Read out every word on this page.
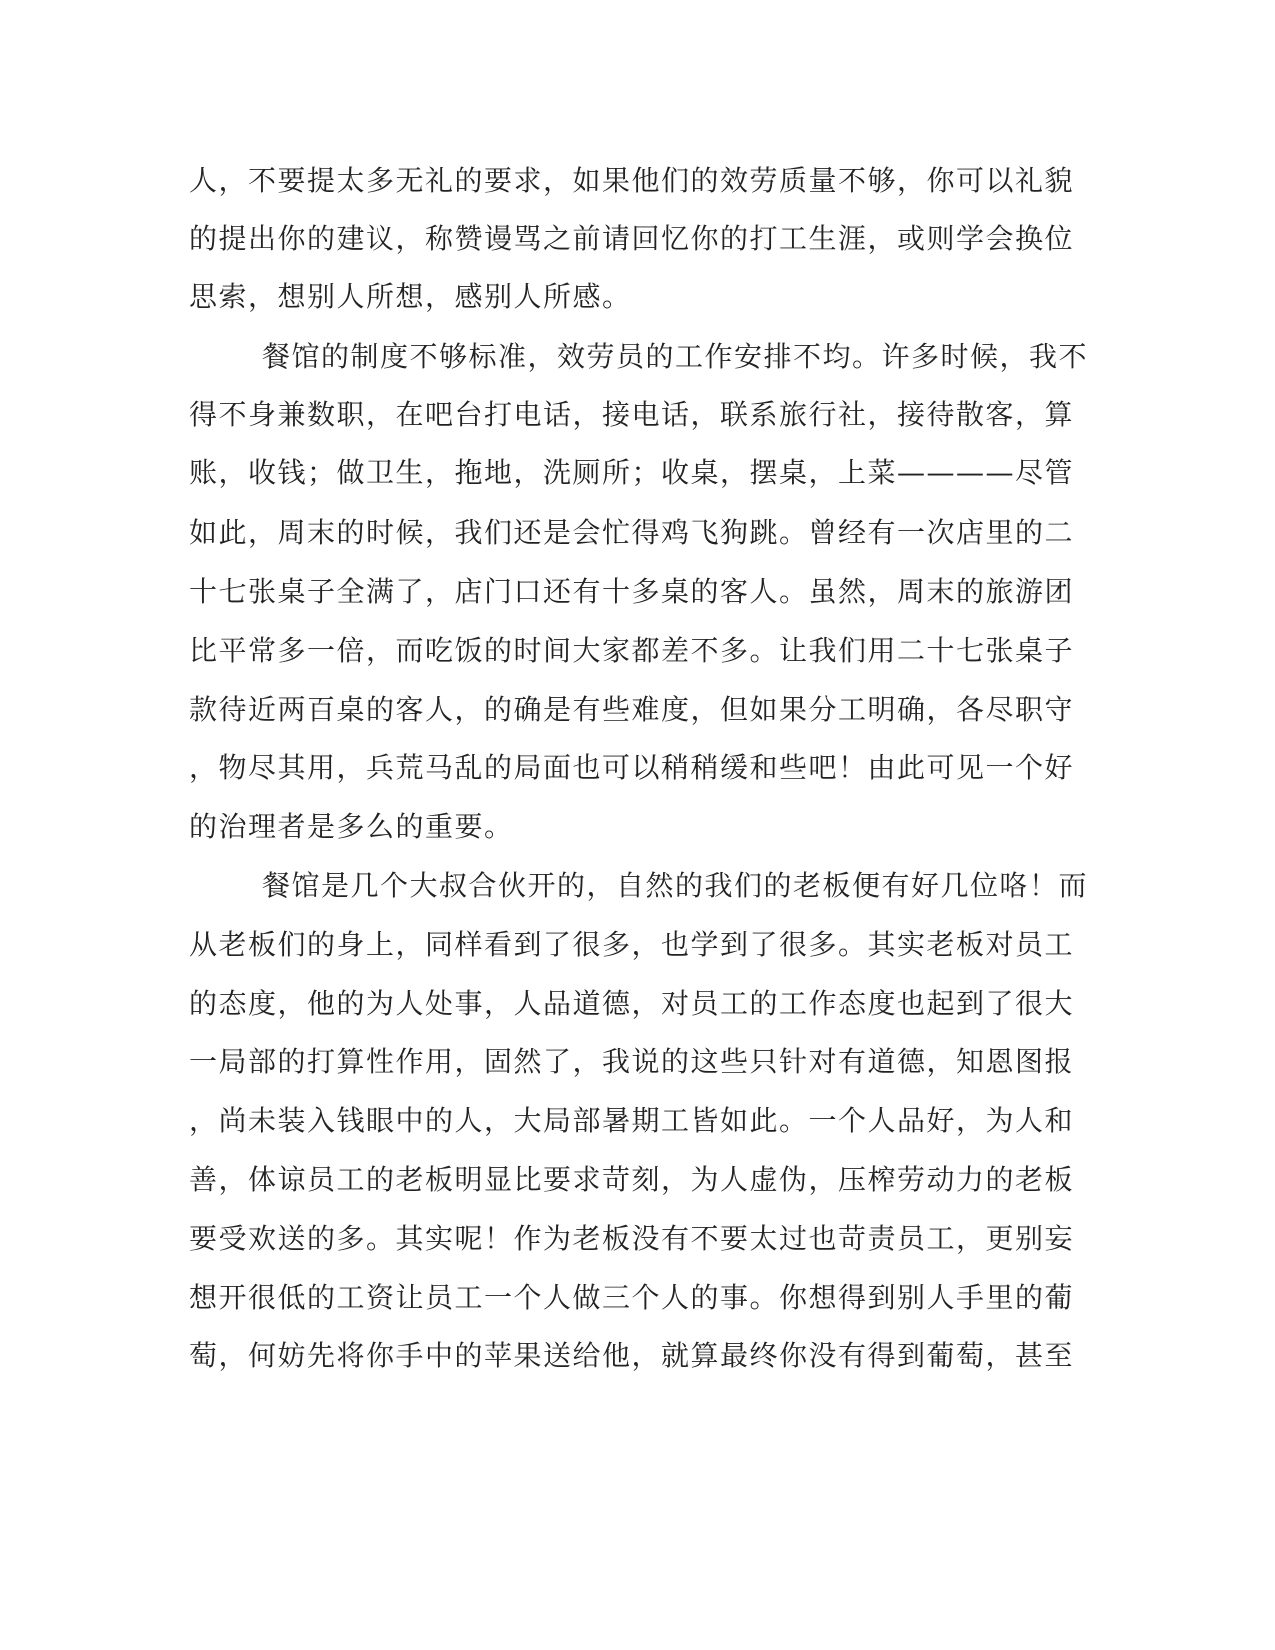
人，不要提太多无礼的要求，如果他们的效劳质量不够，你可以礼貌
的提出你的建议，称赞谩骂之前请回忆你的打工生涯，或则学会换位
思索，想别人所想，感别人所感。
餐馆的制度不够标准，效劳员的工作安排不均。许多时候，我不
得不身兼数职，在吧台打电话，接电话，联系旅行社，接待散客，算
账，收钱；做卫生，拖地，洗厕所；收桌，摆桌，上菜————尽管
如此，周末的时候，我们还是会忙得鸡飞狗跳。曾经有一次店里的二
十七张桌子全满了，店门口还有十多桌的客人。虽然，周末的旅游团
比平常多一倍，而吃饭的时间大家都差不多。让我们用二十七张桌子
款待近两百桌的客人，的确是有些难度，但如果分工明确，各尽职守
，物尽其用，兵荒马乱的局面也可以稍稍缓和些吧！由此可见一个好
的治理者是多么的重要。
餐馆是几个大叔合伙开的，自然的我们的老板便有好几位咯！而
从老板们的身上，同样看到了很多，也学到了很多。其实老板对员工
的态度，他的为人处事，人品道德，对员工的工作态度也起到了很大
一局部的打算性作用，固然了，我说的这些只针对有道德，知恩图报
，尚未装入钱眼中的人，大局部暑期工皆如此。一个人品好，为人和
善，体谅员工的老板明显比要求苛刻，为人虚伪，压榨劳动力的老板
要受欢送的多。其实呢！作为老板没有不要太过也苛责员工，更别妄
想开很低的工资让员工一个人做三个人的事。你想得到别人手里的葡
萄，何妨先将你手中的苹果送给他，就算最终你没有得到葡萄，甚至
